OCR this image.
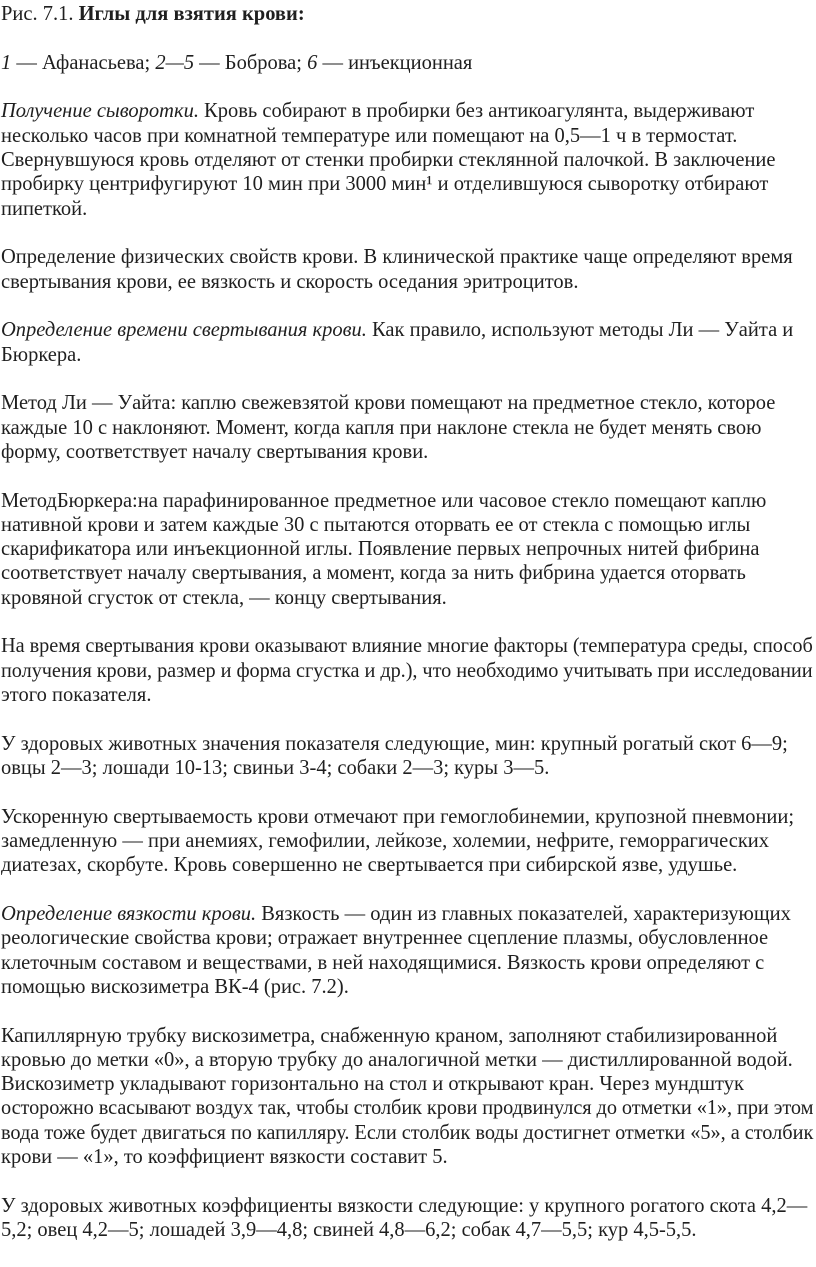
Рис. 7.1. Иглы для взятия крови:

1 — Афанасьева; 2—5 — Боброва; 6 — инъекционная

Получение сыворотки. Кровь собирают в пробирки без антикоагулянта, выдерживают
несколько часов при комнатной температуре или помещают на 0,5—1 ч в термостат.
Свернувшуюся кровь отделяют от стенки пробирки стеклянной палочкой. В заключение
пробирку центрифугируют 10 мин при 3000 мин¹ и отделившуюся сыворотку отбирают
пипеткой.

Определение физических свойств крови. В клинической практике чаще определяют время
свертывания крови, ее вязкость и скорость оседания эритроцитов.

Определение времени свертывания крови. Как правило, используют методы Ли — Уайта и
Бюркера.

Метод Ли — Уайта: каплю свежевзятой крови помещают на предметное стекло, которое
каждые 10 с наклоняют. Момент, когда капля при наклоне стекла не будет менять свою
форму, соответствует началу свертывания крови.

МетодБюркера:на парафинированное предметное или часовое стекло помещают каплю
нативной крови и затем каждые 30 с пытаются оторвать ее от стекла с помощью иглы
скарификатора или инъекционной иглы. Появление первых непрочных нитей фибрина
соответствует началу свертывания, а момент, когда за нить фибрина удается оторвать
кровяной сгусток от стекла, — концу свертывания.

На время свертывания крови оказывают влияние многие факторы (температура среды, способ
получения крови, размер и форма сгустка и др.), что необходимо учитывать при исследовании
этого показателя.

У здоровых животных значения показателя следующие, мин: крупный рогатый скот 6—9;
овцы 2—3; лошади 10-13; свиньи 3-4; собаки 2—3; куры 3—5.

Ускоренную свертываемость крови отмечают при гемоглобинемии, крупозной пневмонии;
замедленную — при анемиях, гемофилии, лейкозе, холемии, нефрите, геморрагических
диатезах, скорбуте. Кровь совершенно не свертывается при сибирской язве, удушье.

Определение вязкости крови. Вязкость — один из главных показателей, характеризующих
реологические свойства крови; отражает внутреннее сцепление плазмы, обусловленное
клеточным составом и веществами, в ней находящимися. Вязкость крови определяют с
помощью вискозиметра ВК-4 (рис. 7.2).

Капиллярную трубку вискозиметра, снабженную краном, заполняют стабилизированной
кровью до метки «0», а вторую трубку до аналогичной метки — дистиллированной водой.
Вискозиметр укладывают горизонтально на стол и открывают кран. Через мундштук
осторожно всасывают воздух так, чтобы столбик крови продвинулся до отметки «1», при этом
вода тоже будет двигаться по капилляру. Если столбик воды достигнет отметки «5», а столбик
крови — «1», то коэффициент вязкости составит 5.

У здоровых животных коэффициенты вязкости следующие: у крупного рогатого скота 4,2—
5,2; овец 4,2—5; лошадей 3,9—4,8; свиней 4,8—6,2; собак 4,7—5,5; кур 4,5-5,5.
